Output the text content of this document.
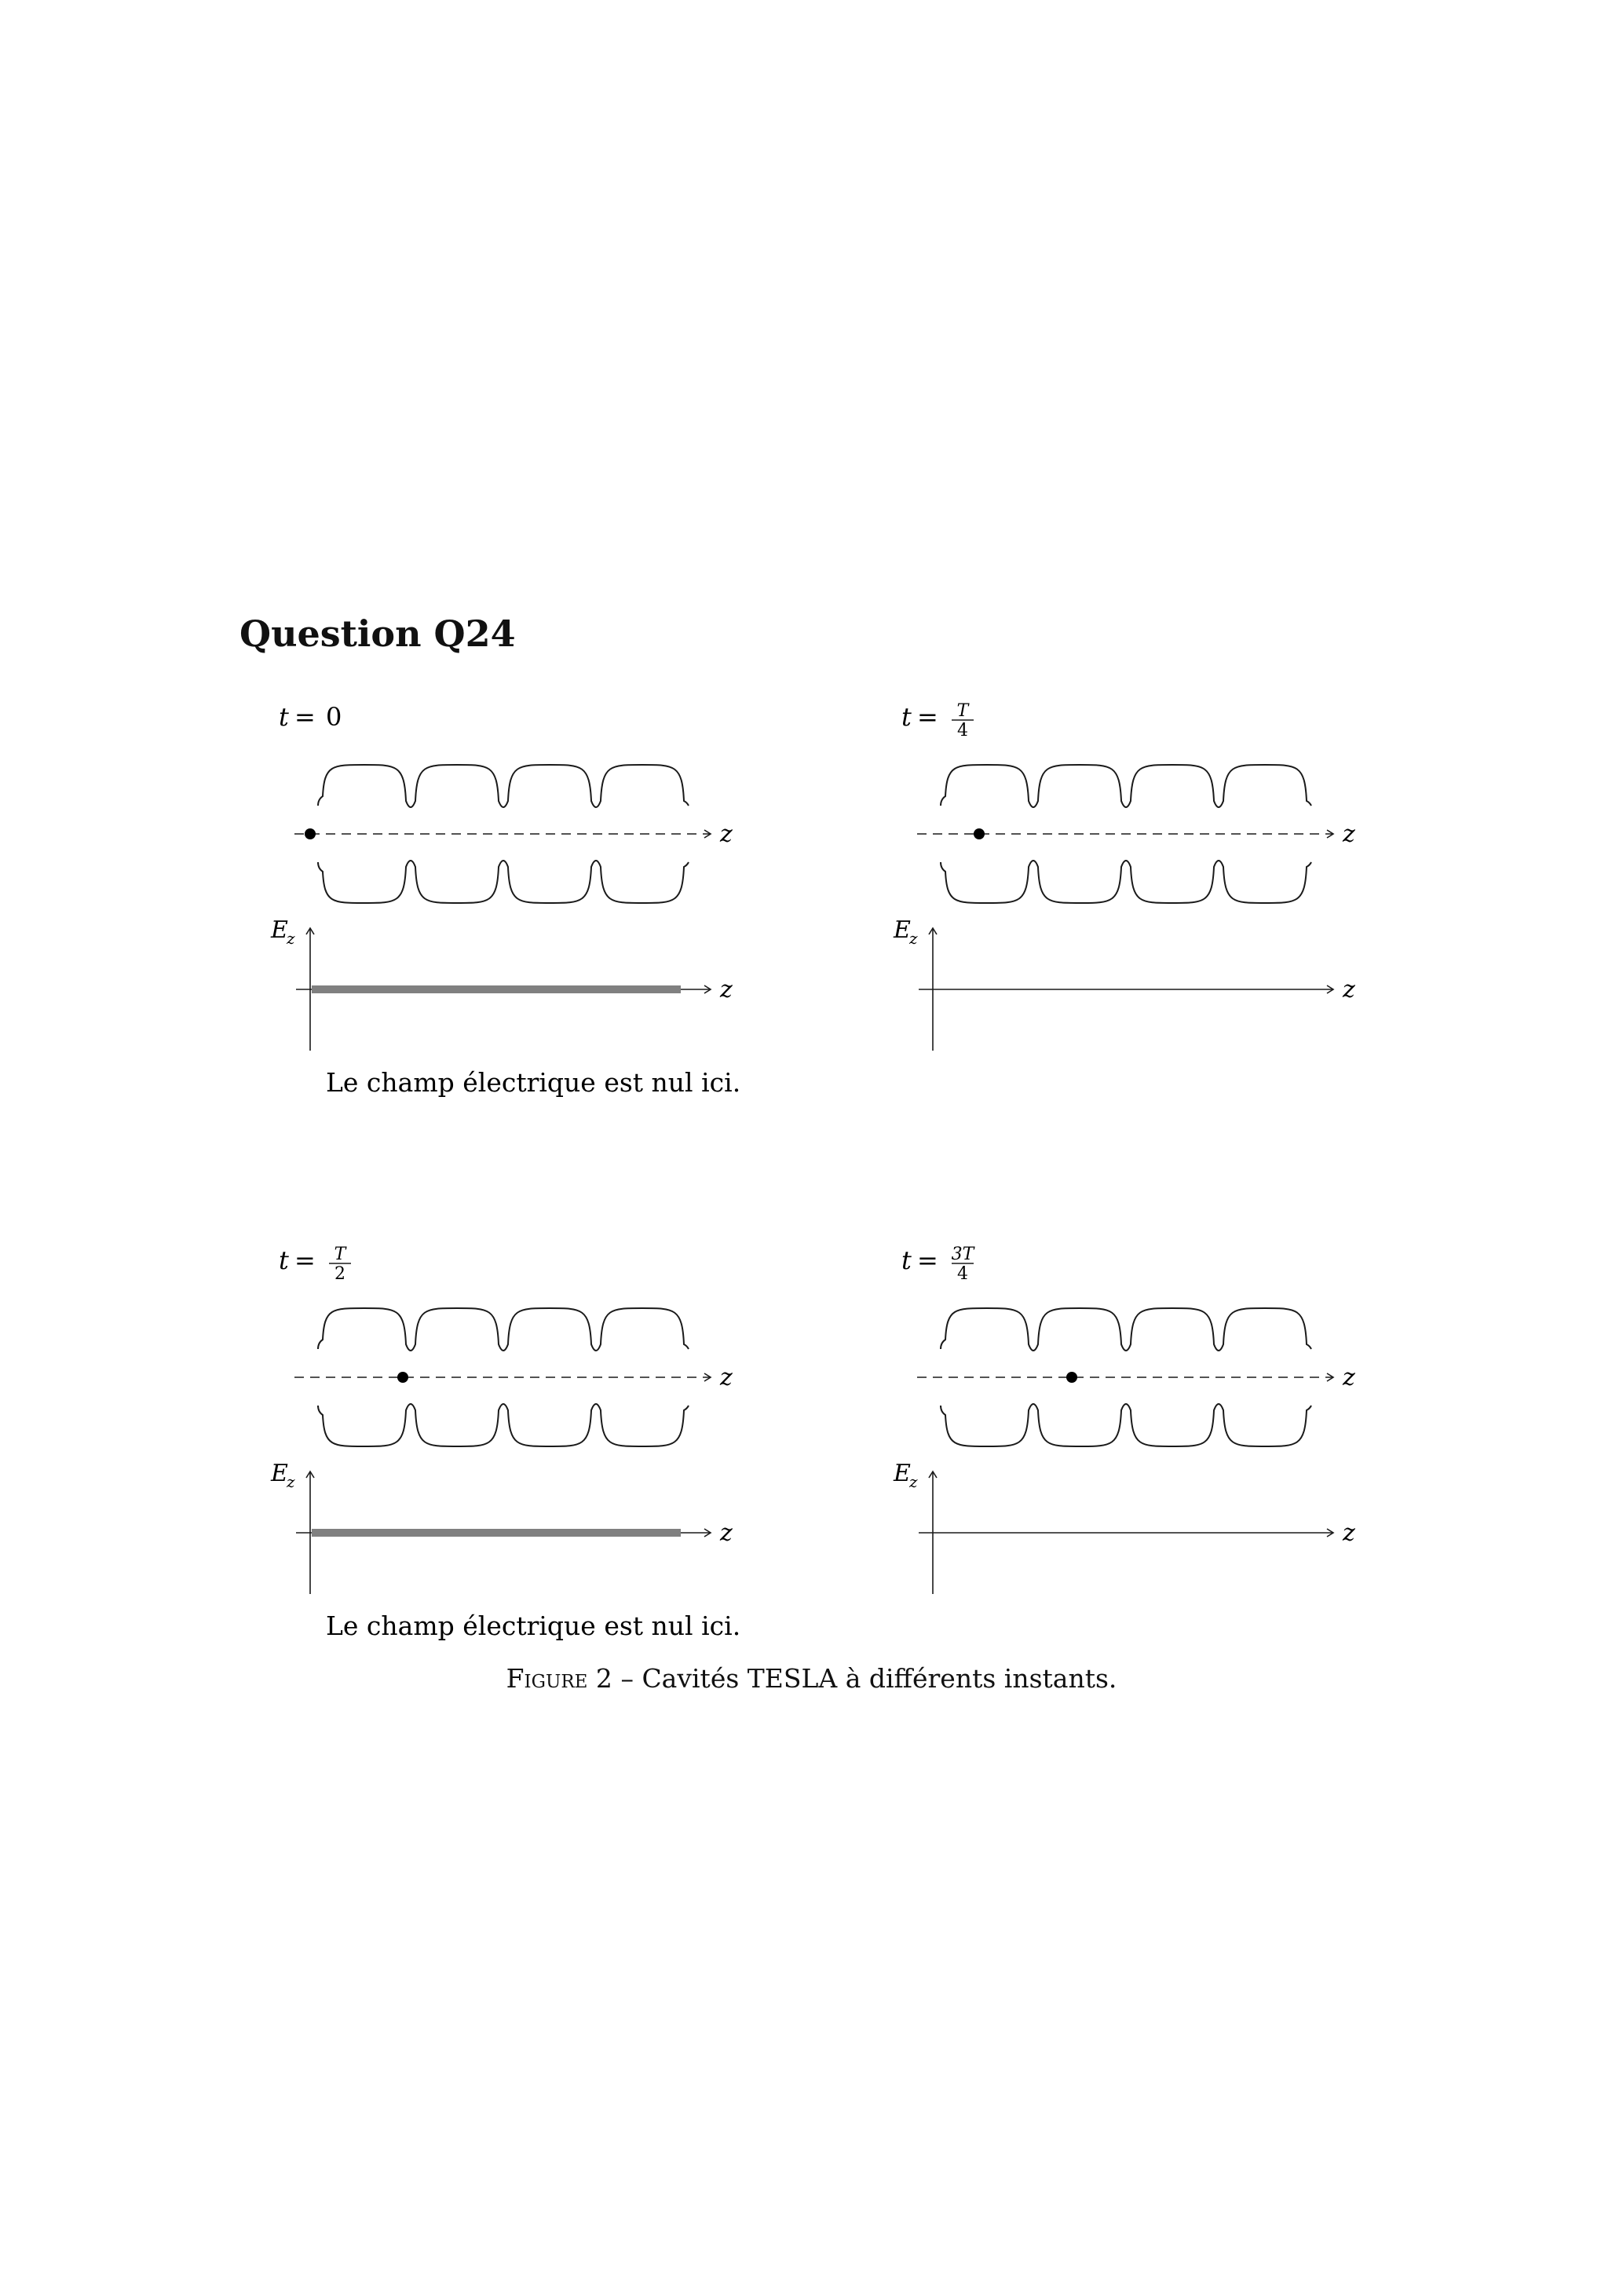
Question Q24
t = 0
z
z
E
z
Le champ électrique est nul ici.
t = T
4
z
z
E
z
t = T
2
z
z
E
z
Le champ électrique est nul ici.
t = 3T
4
z
z
E
z
Figure 2 – Cavités TESLA à différents instants.
